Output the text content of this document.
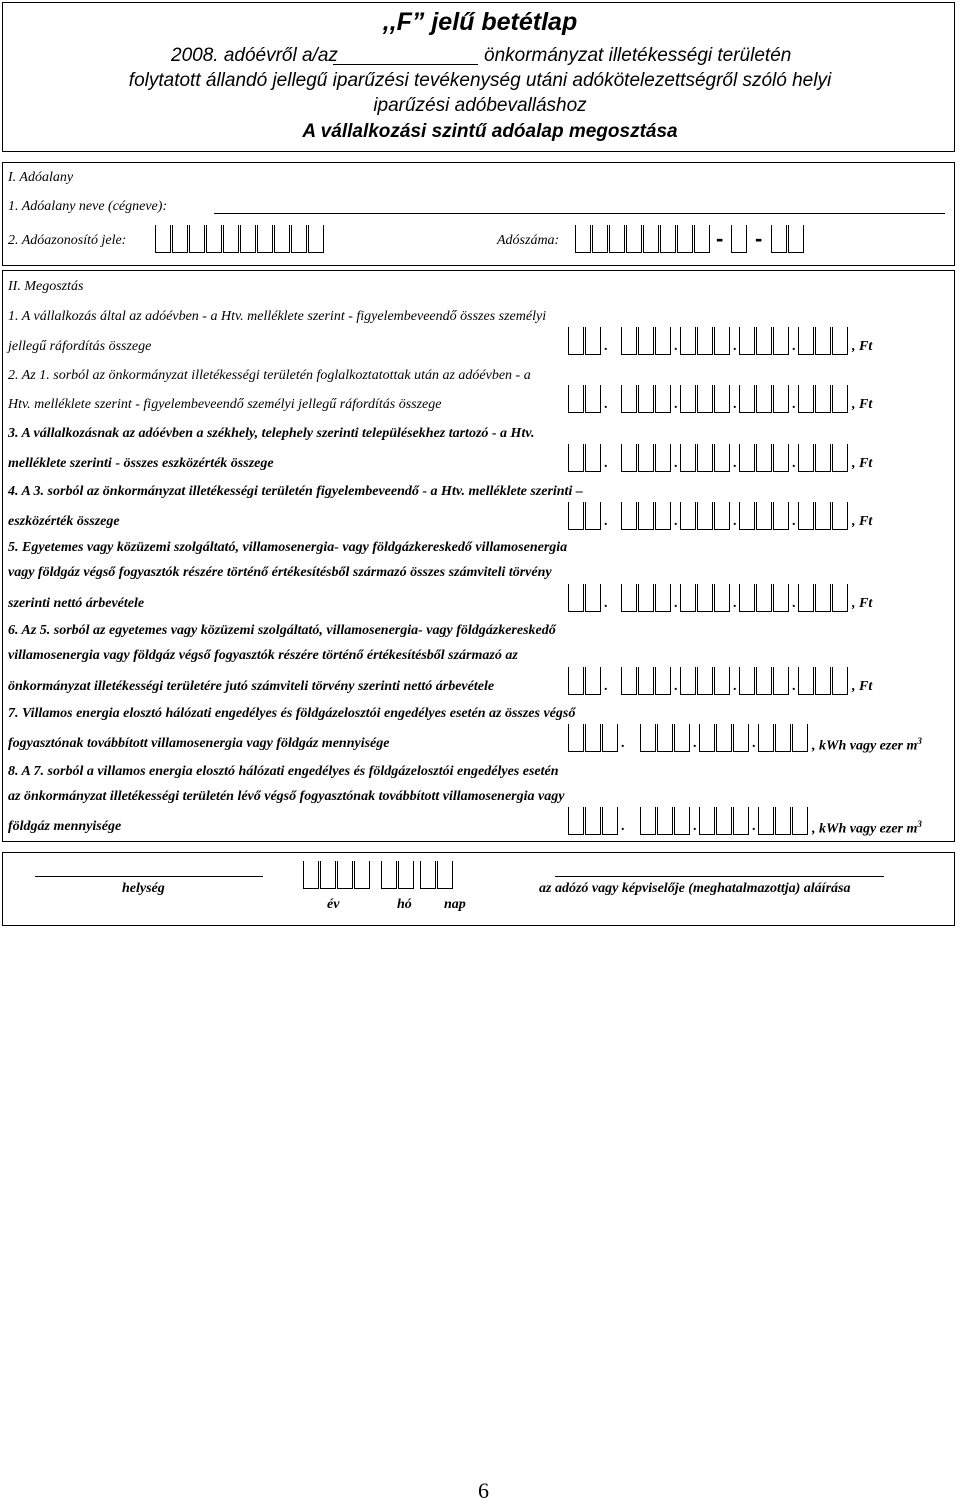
,,F” jelű betétlap
2008. adóévről a/az	önkormányzat illetékességi területén
folytatott állandó jellegű iparűzési tevékenység utáni adókötelezettségről szóló helyi
iparűzési adóbevalláshoz
A vállalkozási szintű adóalap megosztása
I. Adóalany
1. Adóalany neve (cégneve):
2. Adóazonosító jele:	Adószáma:	- -
II. Megosztás
1. A vállalkozás által az adóévben - a Htv. melléklete szerint - figyelembeveendő összes személyi
jellegű ráfordítás összege	.	.	.	.	, Ft
2. Az 1. sorból az önkormányzat illetékességi területén foglalkoztatottak után az adóévben - a
Htv. melléklete szerint - figyelembeveendő személyi jellegű ráfordítás összege	.	.	.	.	, Ft
3. A vállalkozásnak az adóévben a székhely, telephely szerinti településekhez tartozó - a Htv.
melléklete szerinti - összes eszközérték összege	.	.	.	.	, Ft
4. A 3. sorból az önkormányzat illetékességi területén figyelembeveendő - a Htv. melléklete szerinti –
eszközérték összege	.	.	.	.	, Ft
5. Egyetemes vagy közüzemi szolgáltató, villamosenergia- vagy földgázkereskedő villamosenergia
vagy földgáz végső fogyasztók részére történő értékesítésből származó összes számviteli törvény
szerinti nettó árbevétele	.	.	.	.	, Ft
6. Az 5. sorból az egyetemes vagy közüzemi szolgáltató, villamosenergia- vagy földgázkereskedő
villamosenergia vagy földgáz végső fogyasztók részére történő értékesítésből származó az
önkormányzat illetékességi területére jutó számviteli törvény szerinti nettó árbevétele	.	.	.	.	, Ft
7. Villamos energia elosztó hálózati engedélyes és földgázelosztói engedélyes esetén az összes végső
fogyasztónak továbbított villamosenergia vagy földgáz mennyisége	.	.	.	, kWh vagy ezer $m^3$
8. A 7. sorból a villamos energia elosztó hálózati engedélyes és földgázelosztói engedélyes esetén
az önkormányzat illetékességi területén lévő végső fogyasztónak továbbított villamosenergia vagy
földgáz mennyisége	.	.	.	, kWh vagy ezer $m^3$
helység
év	hó nap
az adózó vagy képviselője (meghatalmazottja) aláírása
6
